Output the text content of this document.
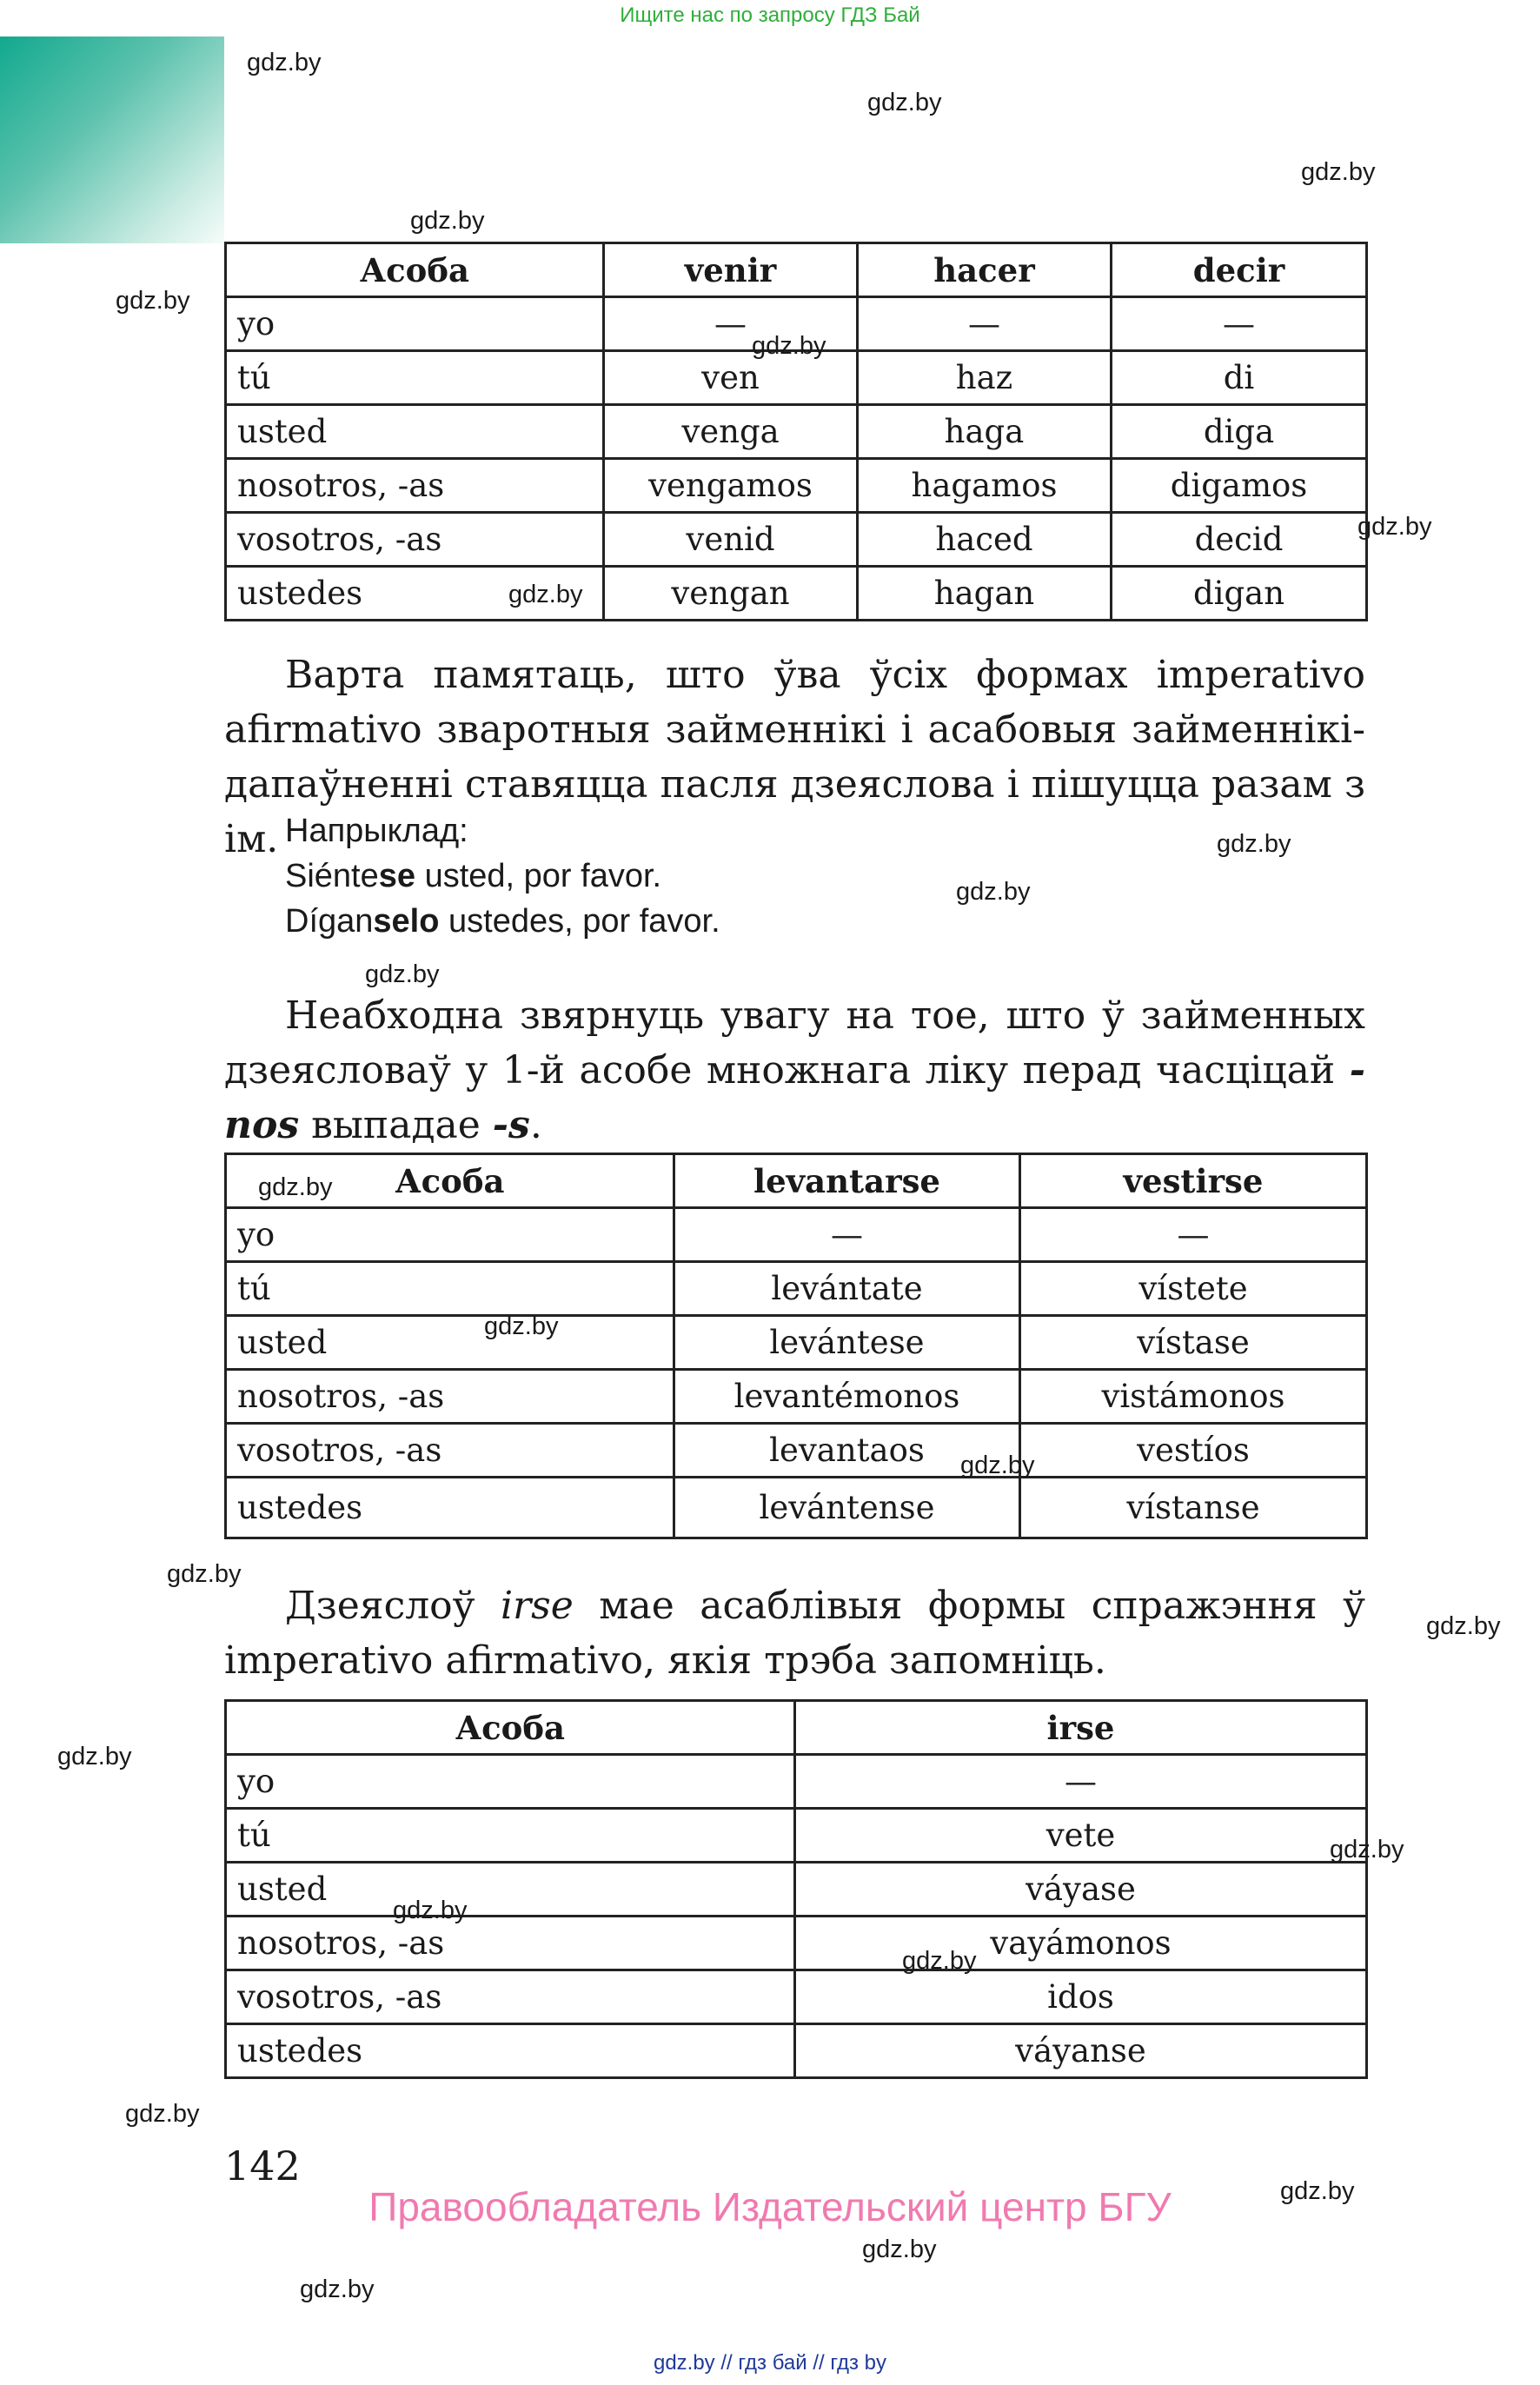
Ищите нас по запросу ГДЗ Бай
Асоба	venir	hacer	decir
yo	—	—	—
tú	ven	haz	di
usted	venga	haga	diga
nosotros, -as	vengamos	hagamos	digamos
vosotros, -as	venid	haced	decid
ustedes	vengan	hagan	digan
Варта памятаць, што ўва ўсіх формах imperativo afirmativo зваротныя займеннікі і асабовыя займеннікі-дапаўненні ставяцца пасля дзеяслова і пішуцца разам з ім. Напрыклад:
Siéntese usted, por favor.
Díganselo ustedes, por favor.
Неабходна звярнуць увагу на тое, што ў займенных дзеясловаў у 1-й асобе множнага ліку перад часціцай -nos выпадае -s.
Асоба	levantarse	vestirse
yo	—	—
tú	levántate	vístete
usted	levántese	vístase
nosotros, -as	levantémonos	vistámonos
vosotros, -as	levantaos	vestíos
ustedes	levántense	vístanse
Дзеяслоў irse мае асаблівыя формы спражэння ў imperativo afirmativo, якія трэба запомніць.
Асоба	irse
yo	—
tú	vete
usted	váyase
nosotros, -as	vayámonos
vosotros, -as	idos
ustedes	váyanse
142
Правообладатель Издательский центр БГУ
gdz.by // гдз бай // гдз by
gdz.by
gdz.by
gdz.by
gdz.by
gdz.by
gdz.by
gdz.by
gdz.by
gdz.by
gdz.by
gdz.by
gdz.by
gdz.by
gdz.by
gdz.by
gdz.by
gdz.by
gdz.by
gdz.by
gdz.by
gdz.by
gdz.by
gdz.by
gdz.by
